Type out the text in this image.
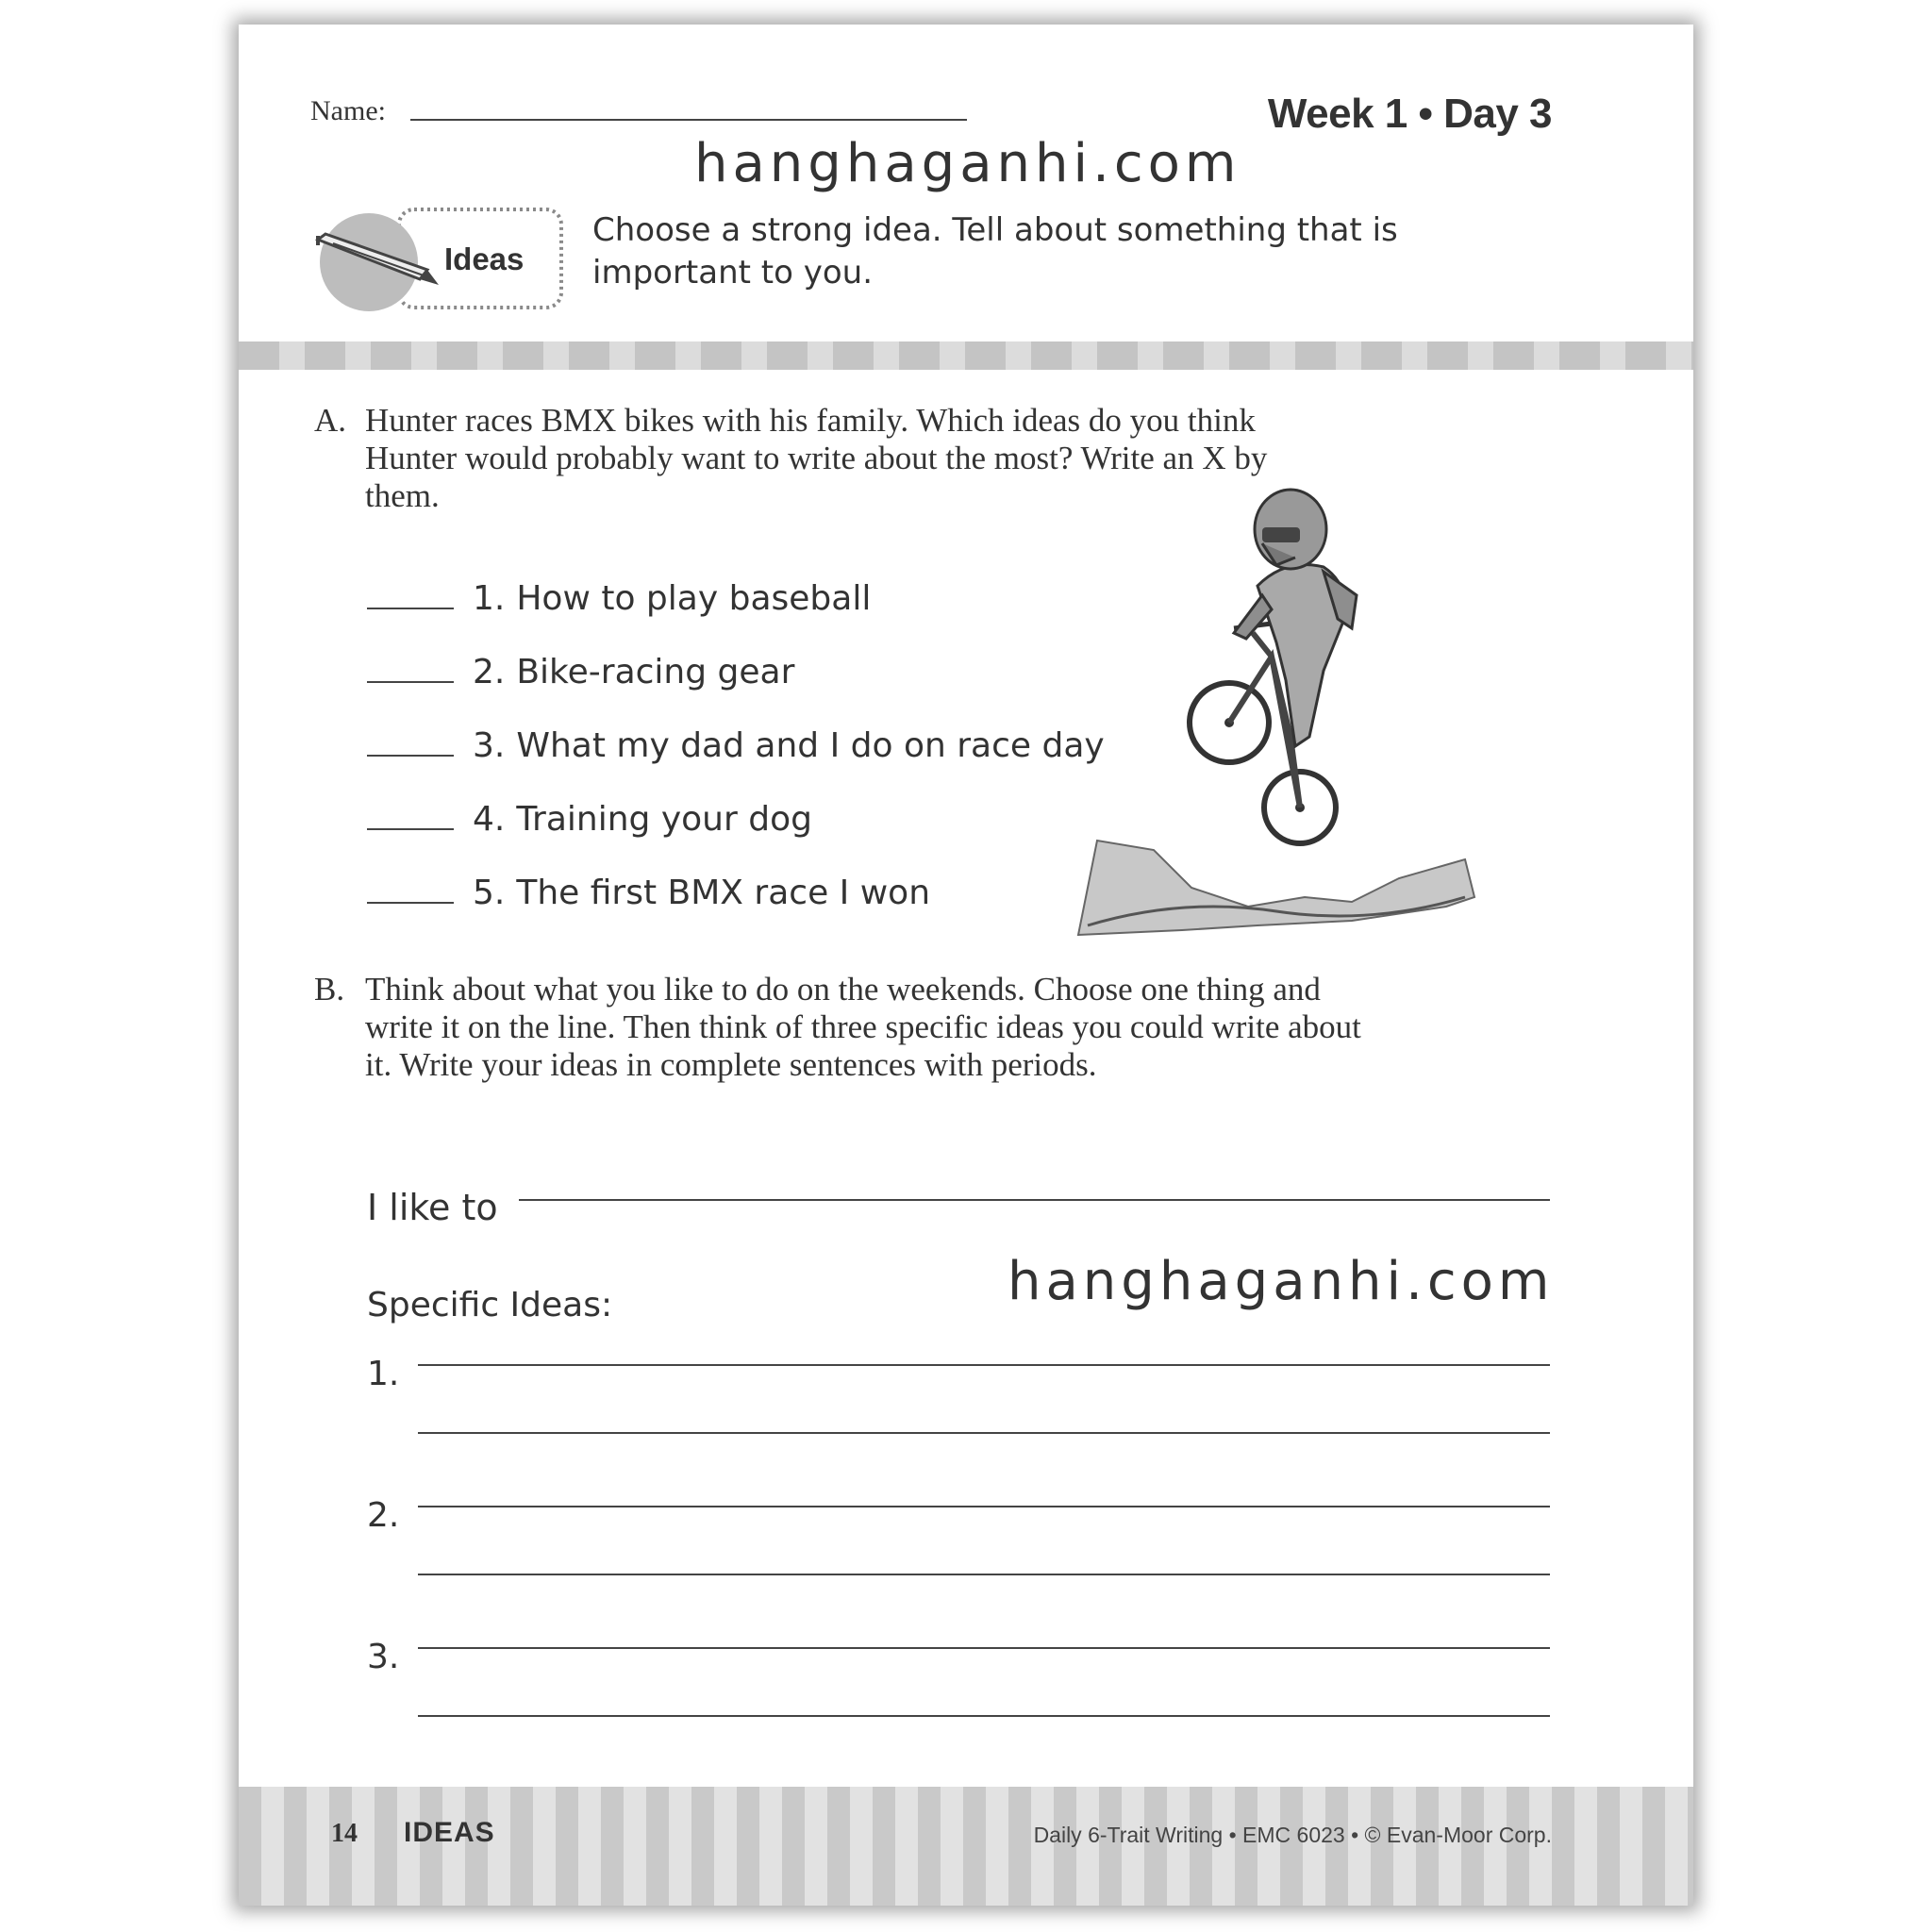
Name:	Week 1 • Day 3
hanghaganhi.com
Ideas
Choose a strong idea. Tell about something that is important to you.
A. Hunter races BMX bikes with his family. Which ideas do you think Hunter would probably want to write about the most? Write an X by them.
1. How to play baseball
2. Bike-racing gear
3. What my dad and I do on race day
4. Training your dog
5. The first BMX race I won
B. Think about what you like to do on the weekends. Choose one thing and write it on the line. Then think of three specific ideas you could write about it. Write your ideas in complete sentences with periods.
I like to
Specific Ideas:	hanghaganhi.com
1.
2.
3.
14 IDEAS	Daily 6-Trait Writing • EMC 6023 • © Evan-Moor Corp.
